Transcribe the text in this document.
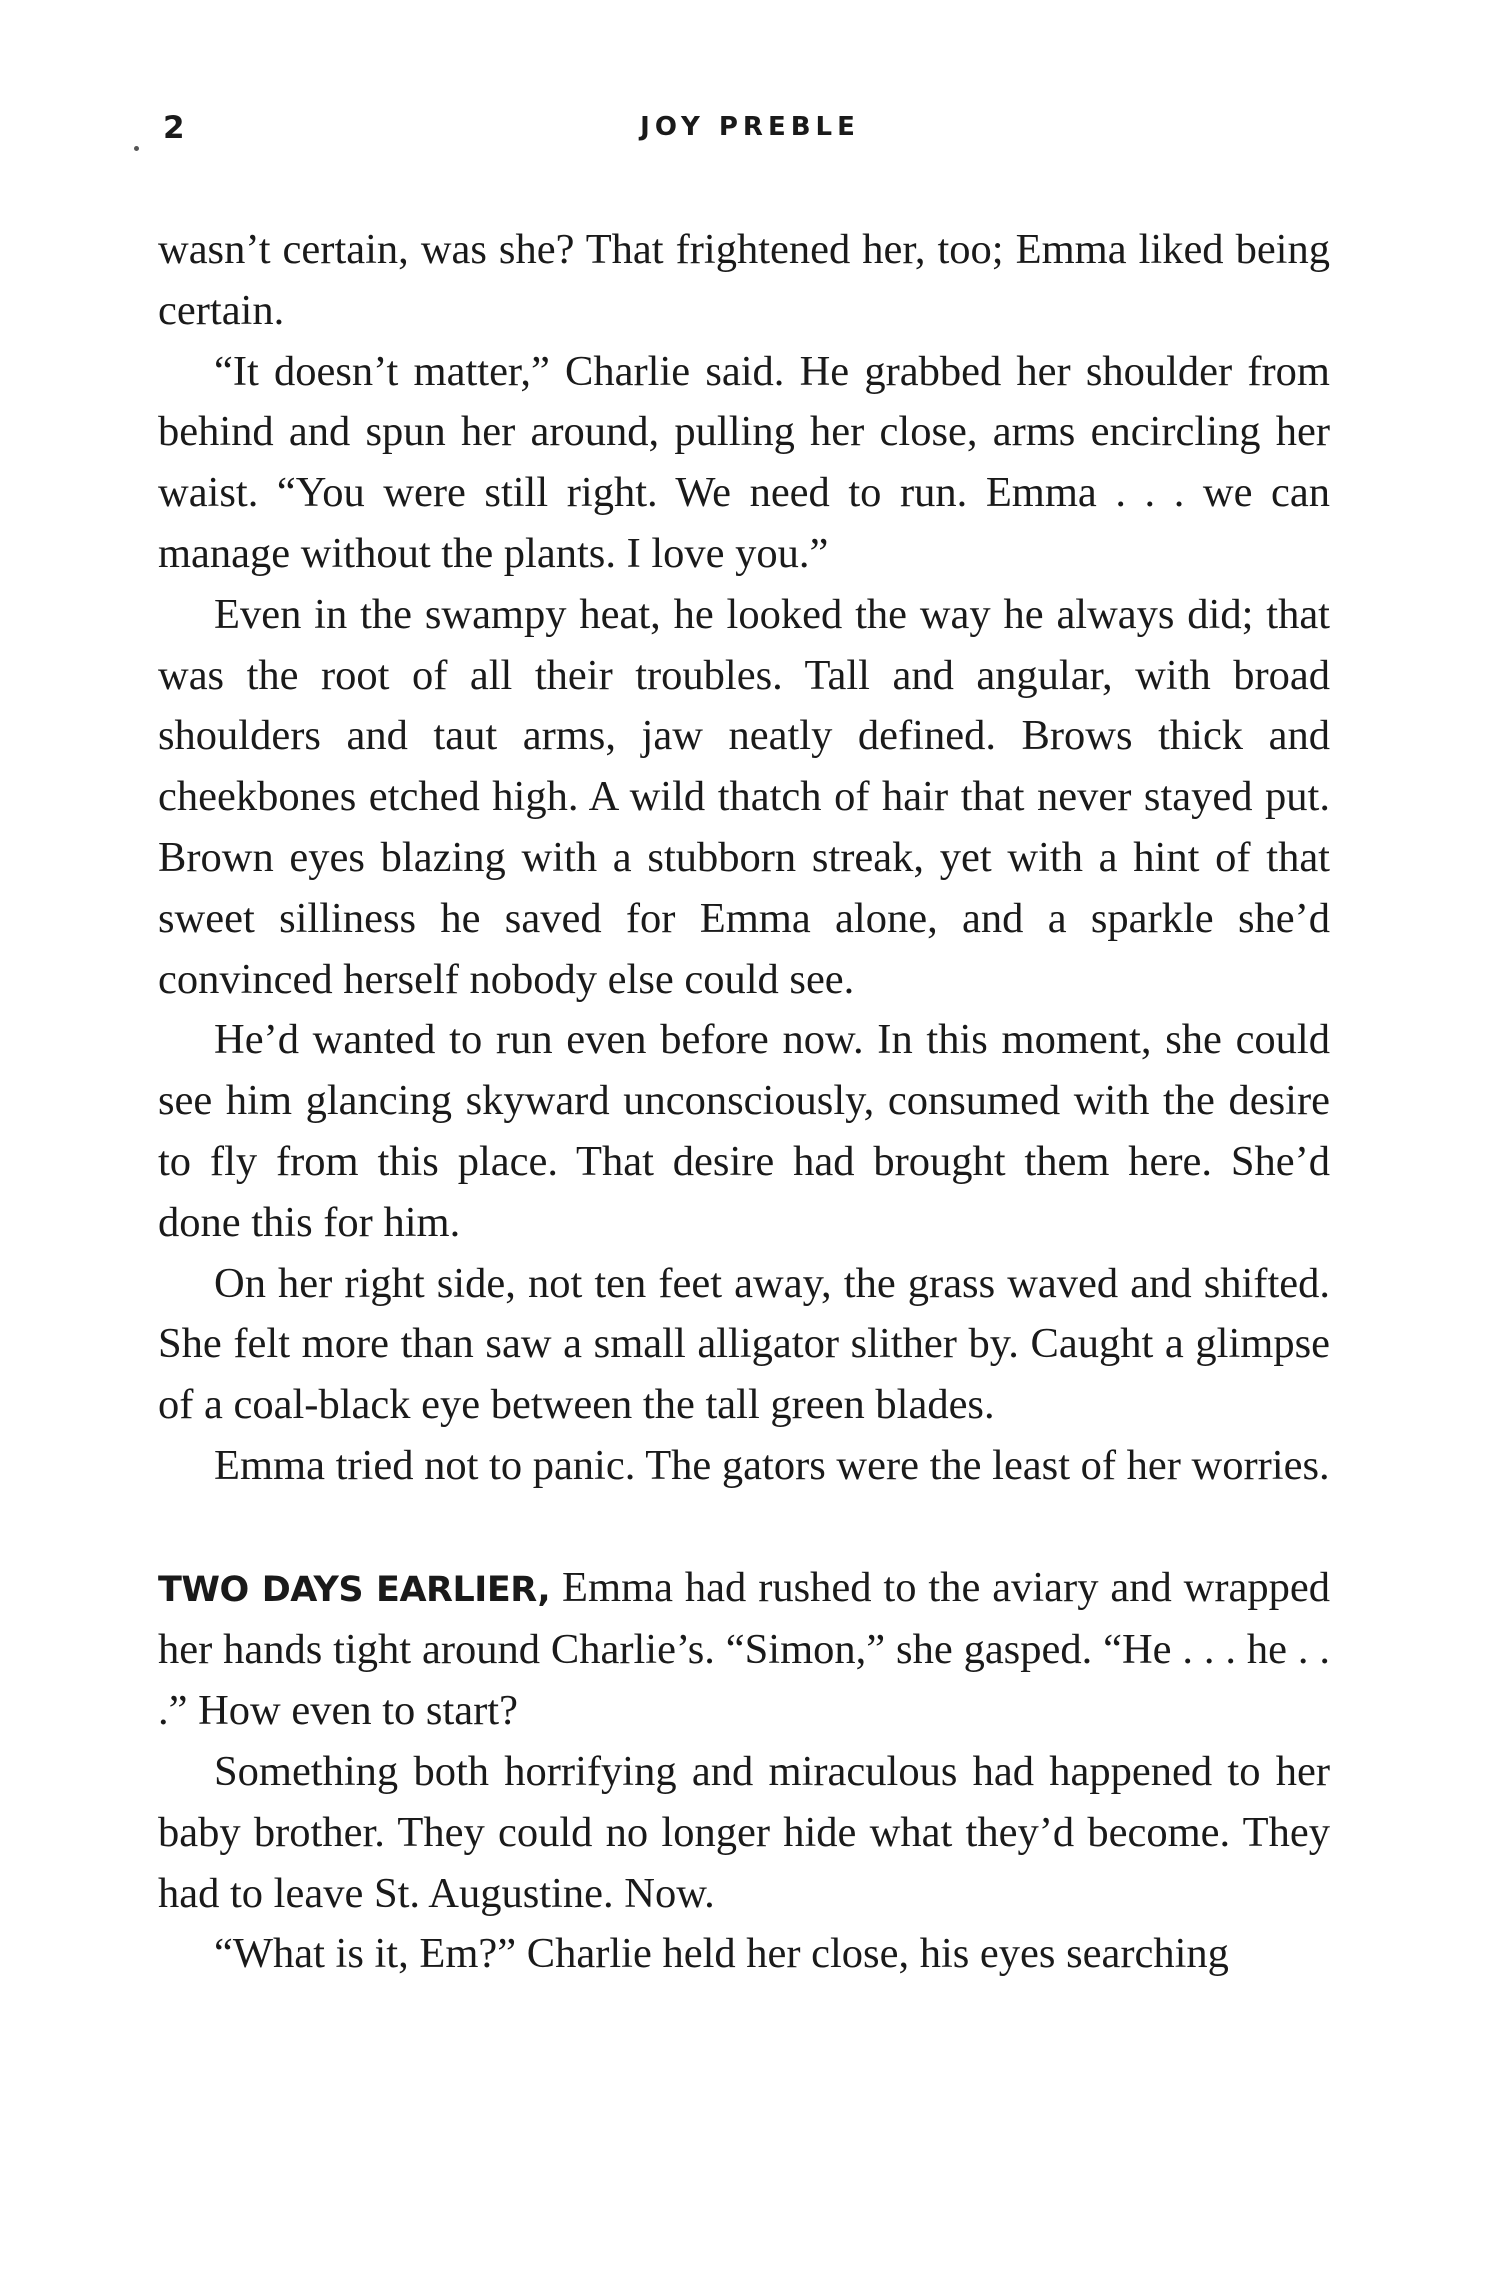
2	JOY PREBLE

wasn’t certain, was she? That frightened her, too; Emma liked being certain.

“It doesn’t matter,” Charlie said. He grabbed her shoulder from behind and spun her around, pulling her close, arms encircling her waist. “You were still right. We need to run. Emma . . . we can manage without the plants. I love you.”

Even in the swampy heat, he looked the way he always did; that was the root of all their troubles. Tall and angular, with broad shoulders and taut arms, jaw neatly defined. Brows thick and cheekbones etched high. A wild thatch of hair that never stayed put. Brown eyes blazing with a stubborn streak, yet with a hint of that sweet silliness he saved for Emma alone, and a sparkle she’d convinced herself nobody else could see.

He’d wanted to run even before now. In this moment, she could see him glancing skyward unconsciously, consumed with the desire to fly from this place. That desire had brought them here. She’d done this for him.

On her right side, not ten feet away, the grass waved and shifted. She felt more than saw a small alligator slither by. Caught a glimpse of a coal-black eye between the tall green blades.

Emma tried not to panic. The gators were the least of her worries.

TWO DAYS EARLIER, Emma had rushed to the aviary and wrapped her hands tight around Charlie’s. “Simon,” she gasped. “He . . . he . . .” How even to start?

Something both horrifying and miraculous had happened to her baby brother. They could no longer hide what they’d become. They had to leave St. Augustine. Now.

“What is it, Em?” Charlie held her close, his eyes searching
